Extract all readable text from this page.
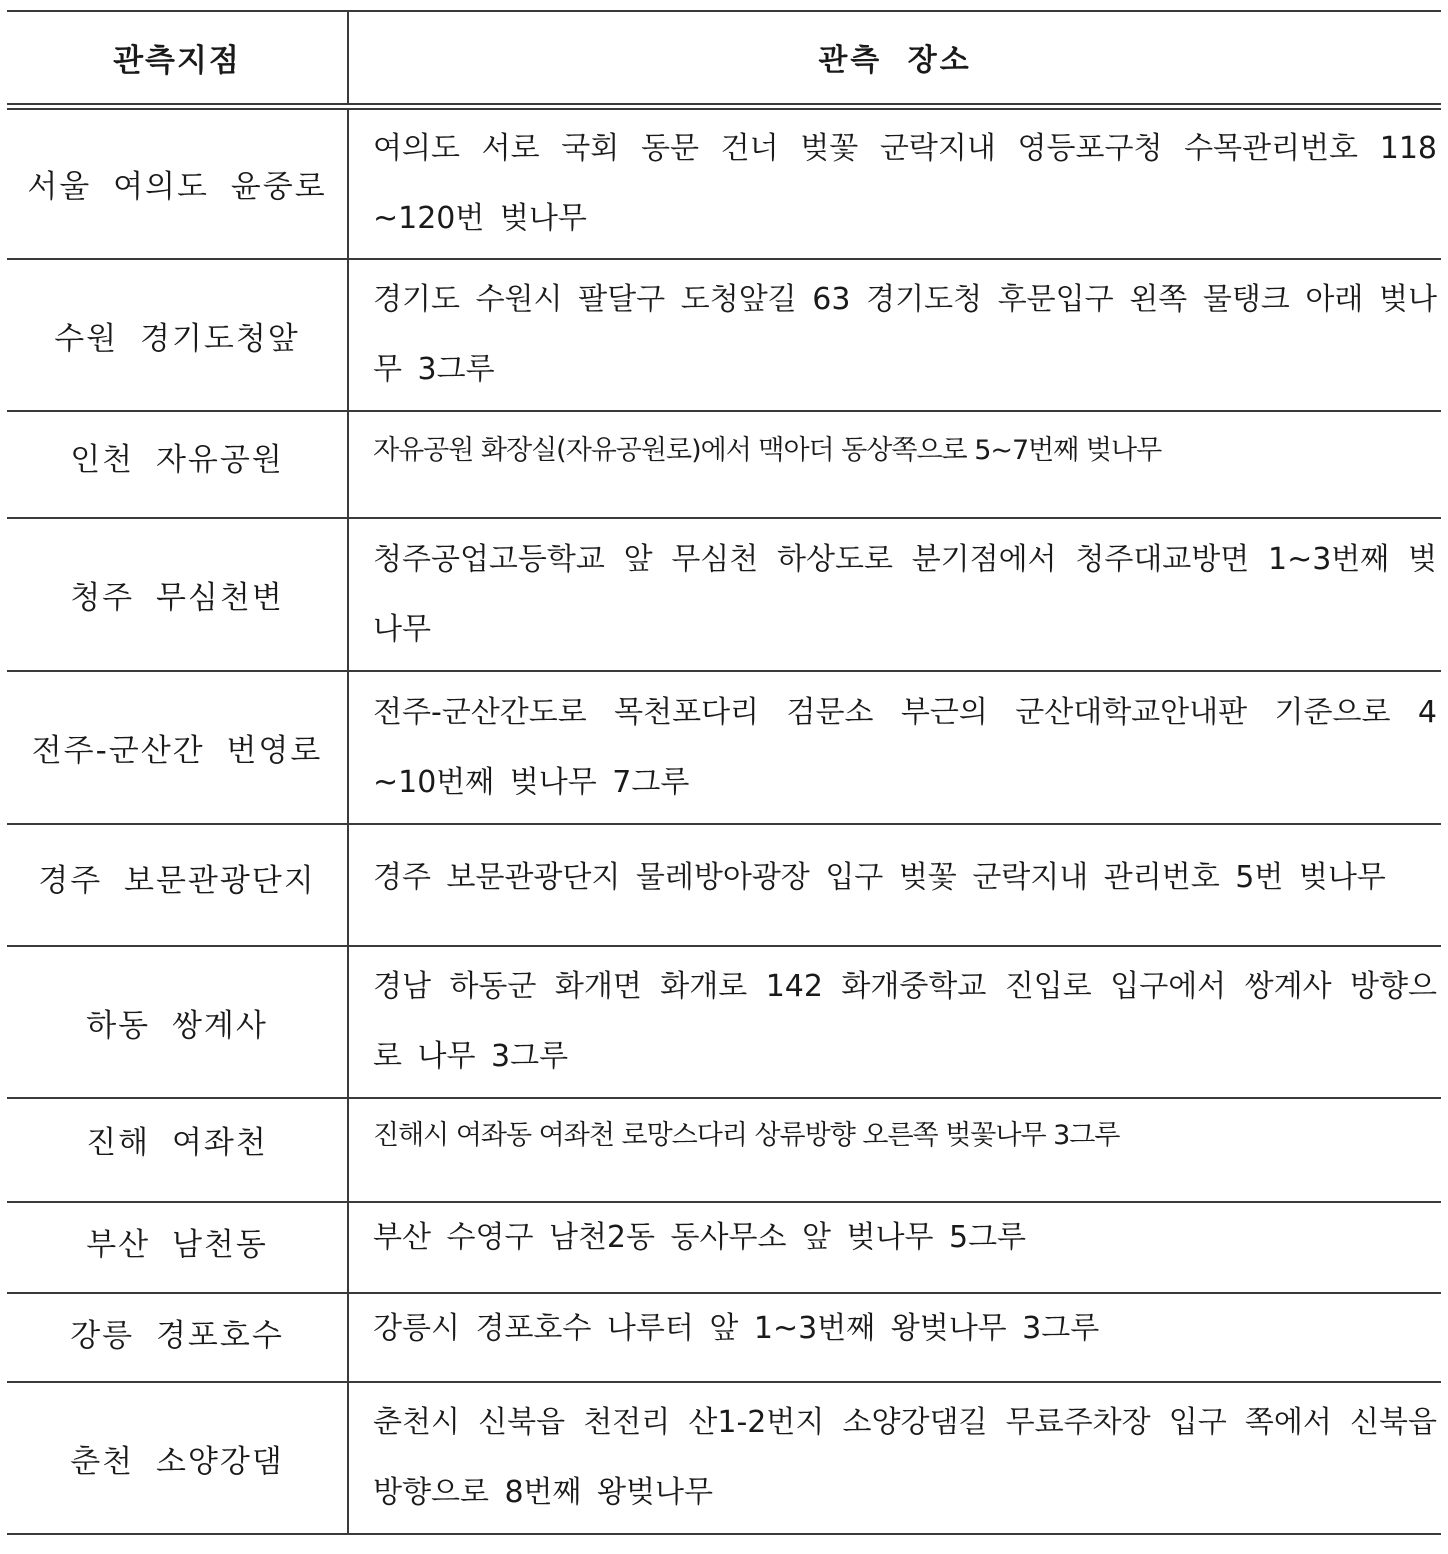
관측지점	관측 장소
서울 여의도 윤중로	여의도 서로 국회 동문 건너 벚꽃 군락지내 영등포구청 수목관리번호 118 ~120번 벚나무
수원 경기도청앞	경기도 수원시 팔달구 도청앞길 63 경기도청 후문입구 왼쪽 물탱크 아래 벚나무 3그루
인천 자유공원	자유공원 화장실(자유공원로)에서 맥아더 동상쪽으로 5~7번째 벚나무
청주 무심천변	청주공업고등학교 앞 무심천 하상도로 분기점에서 청주대교방면 1~3번째 벚나무
전주-군산간 번영로	전주-군산간도로 목천포다리 검문소 부근의 군산대학교안내판 기준으로 4 ~10번째 벚나무 7그루
경주 보문관광단지	경주 보문관광단지 물레방아광장 입구 벚꽃 군락지내 관리번호 5번 벚나무
하동 쌍계사	경남 하동군 화개면 화개로 142 화개중학교 진입로 입구에서 쌍계사 방향으로 나무 3그루
진해 여좌천	진해시 여좌동 여좌천 로망스다리 상류방향 오른쪽 벚꽃나무 3그루
부산 남천동	부산 수영구 남천2동 동사무소 앞 벚나무 5그루
강릉 경포호수	강릉시 경포호수 나루터 앞 1~3번째 왕벚나무 3그루
춘천 소양강댐	춘천시 신북읍 천전리 산1-2번지 소양강댐길 무료주차장 입구 쪽에서 신북읍 방향으로 8번째 왕벚나무
